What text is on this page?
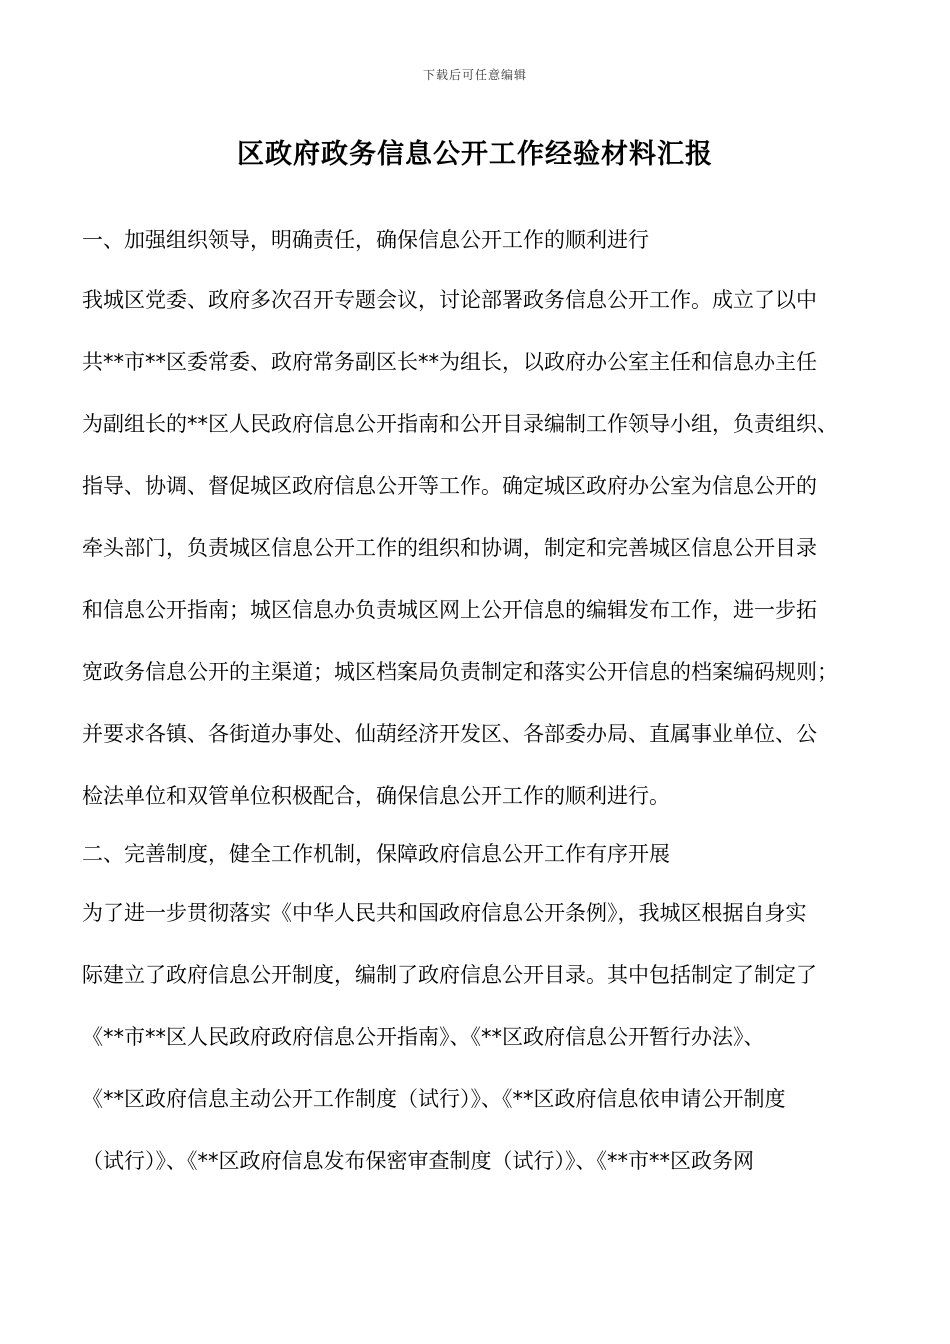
下载后可任意编辑
区政府政务信息公开工作经验材料汇报
一、加强组织领导，明确责任，确保信息公开工作的顺利进行
我城区党委、政府多次召开专题会议，讨论部署政务信息公开工作。成立了以中
共**市**区委常委、政府常务副区长**为组长，以政府办公室主任和信息办主任
为副组长的**区人民政府信息公开指南和公开目录编制工作领导小组，负责组织、
指导、协调、督促城区政府信息公开等工作。确定城区政府办公室为信息公开的
牵头部门，负责城区信息公开工作的组织和协调，制定和完善城区信息公开目录
和信息公开指南；城区信息办负责城区网上公开信息的编辑发布工作，进一步拓
宽政务信息公开的主渠道；城区档案局负责制定和落实公开信息的档案编码规则；
并要求各镇、各街道办事处、仙葫经济开发区、各部委办局、直属事业单位、公
检法单位和双管单位积极配合，确保信息公开工作的顺利进行。
二、完善制度，健全工作机制，保障政府信息公开工作有序开展
为了进一步贯彻落实《中华人民共和国政府信息公开条例》，我城区根据自身实
际建立了政府信息公开制度，编制了政府信息公开目录。其中包括制定了制定了
《**市**区人民政府政府信息公开指南》、《**区政府信息公开暂行办法》、
《**区政府信息主动公开工作制度（试行）》、《**区政府信息依申请公开制度
（试行）》、《**区政府信息发布保密审查制度（试行）》、《**市**区政务网
